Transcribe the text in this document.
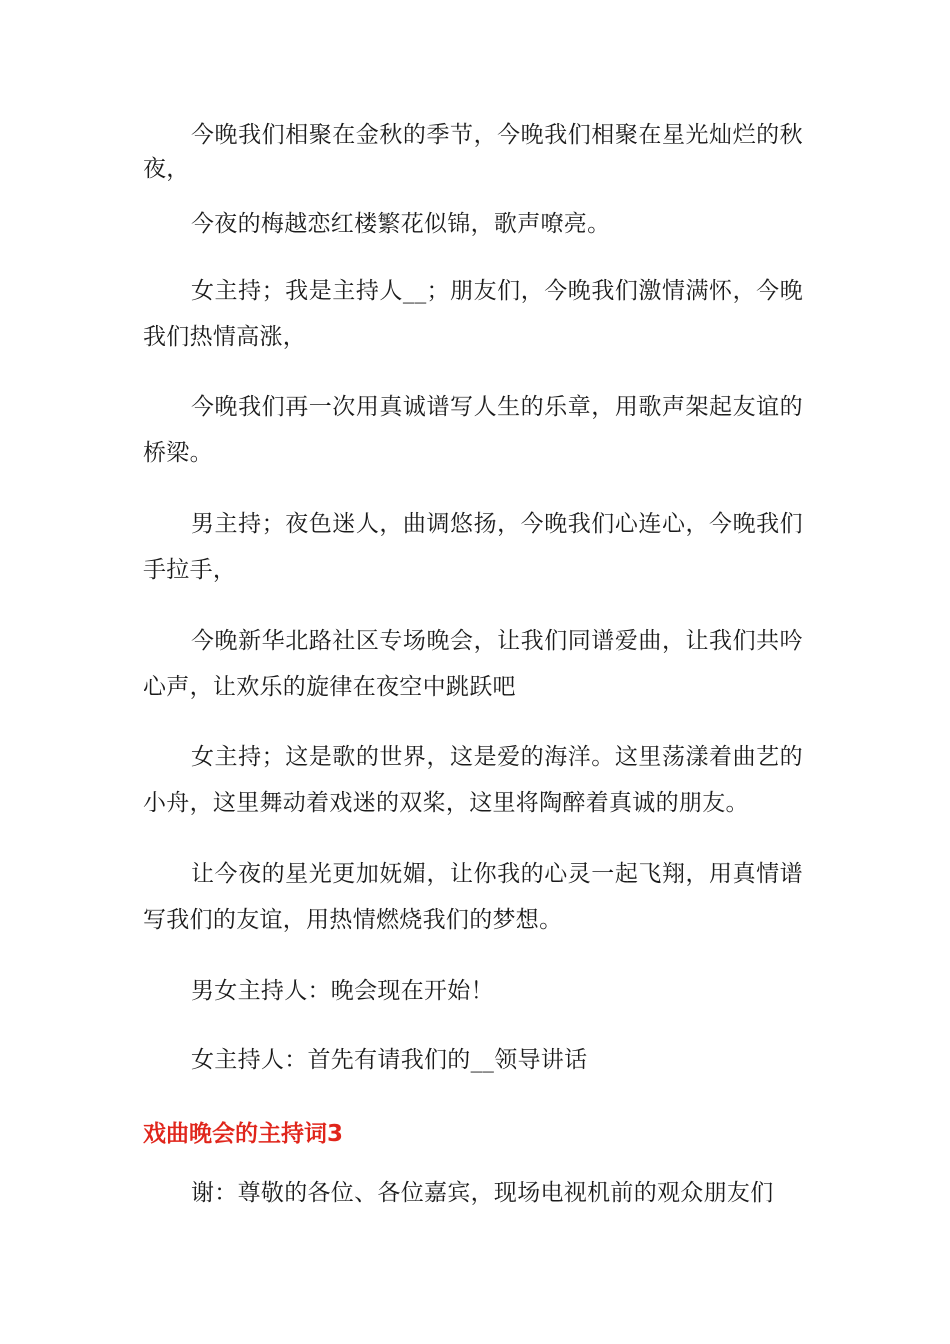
今晚我们相聚在金秋的季节，今晚我们相聚在星光灿烂的秋夜，

今夜的梅越恋红楼繁花似锦，歌声嘹亮。

女主持；我是主持人__；朋友们，今晚我们激情满怀，今晚我们热情高涨，

今晚我们再一次用真诚谱写人生的乐章，用歌声架起友谊的桥梁。

男主持；夜色迷人，曲调悠扬，今晚我们心连心，今晚我们手拉手，

今晚新华北路社区专场晚会，让我们同谱爱曲，让我们共吟心声，让欢乐的旋律在夜空中跳跃吧

女主持；这是歌的世界，这是爱的海洋。这里荡漾着曲艺的小舟，这里舞动着戏迷的双桨，这里将陶醉着真诚的朋友。

让今夜的星光更加妩媚，让你我的心灵一起飞翔，用真情谱写我们的友谊，用热情燃烧我们的梦想。

男女主持人：晚会现在开始！

女主持人：首先有请我们的__领导讲话

戏曲晚会的主持词3

谢：尊敬的各位、各位嘉宾，现场电视机前的观众朋友们
